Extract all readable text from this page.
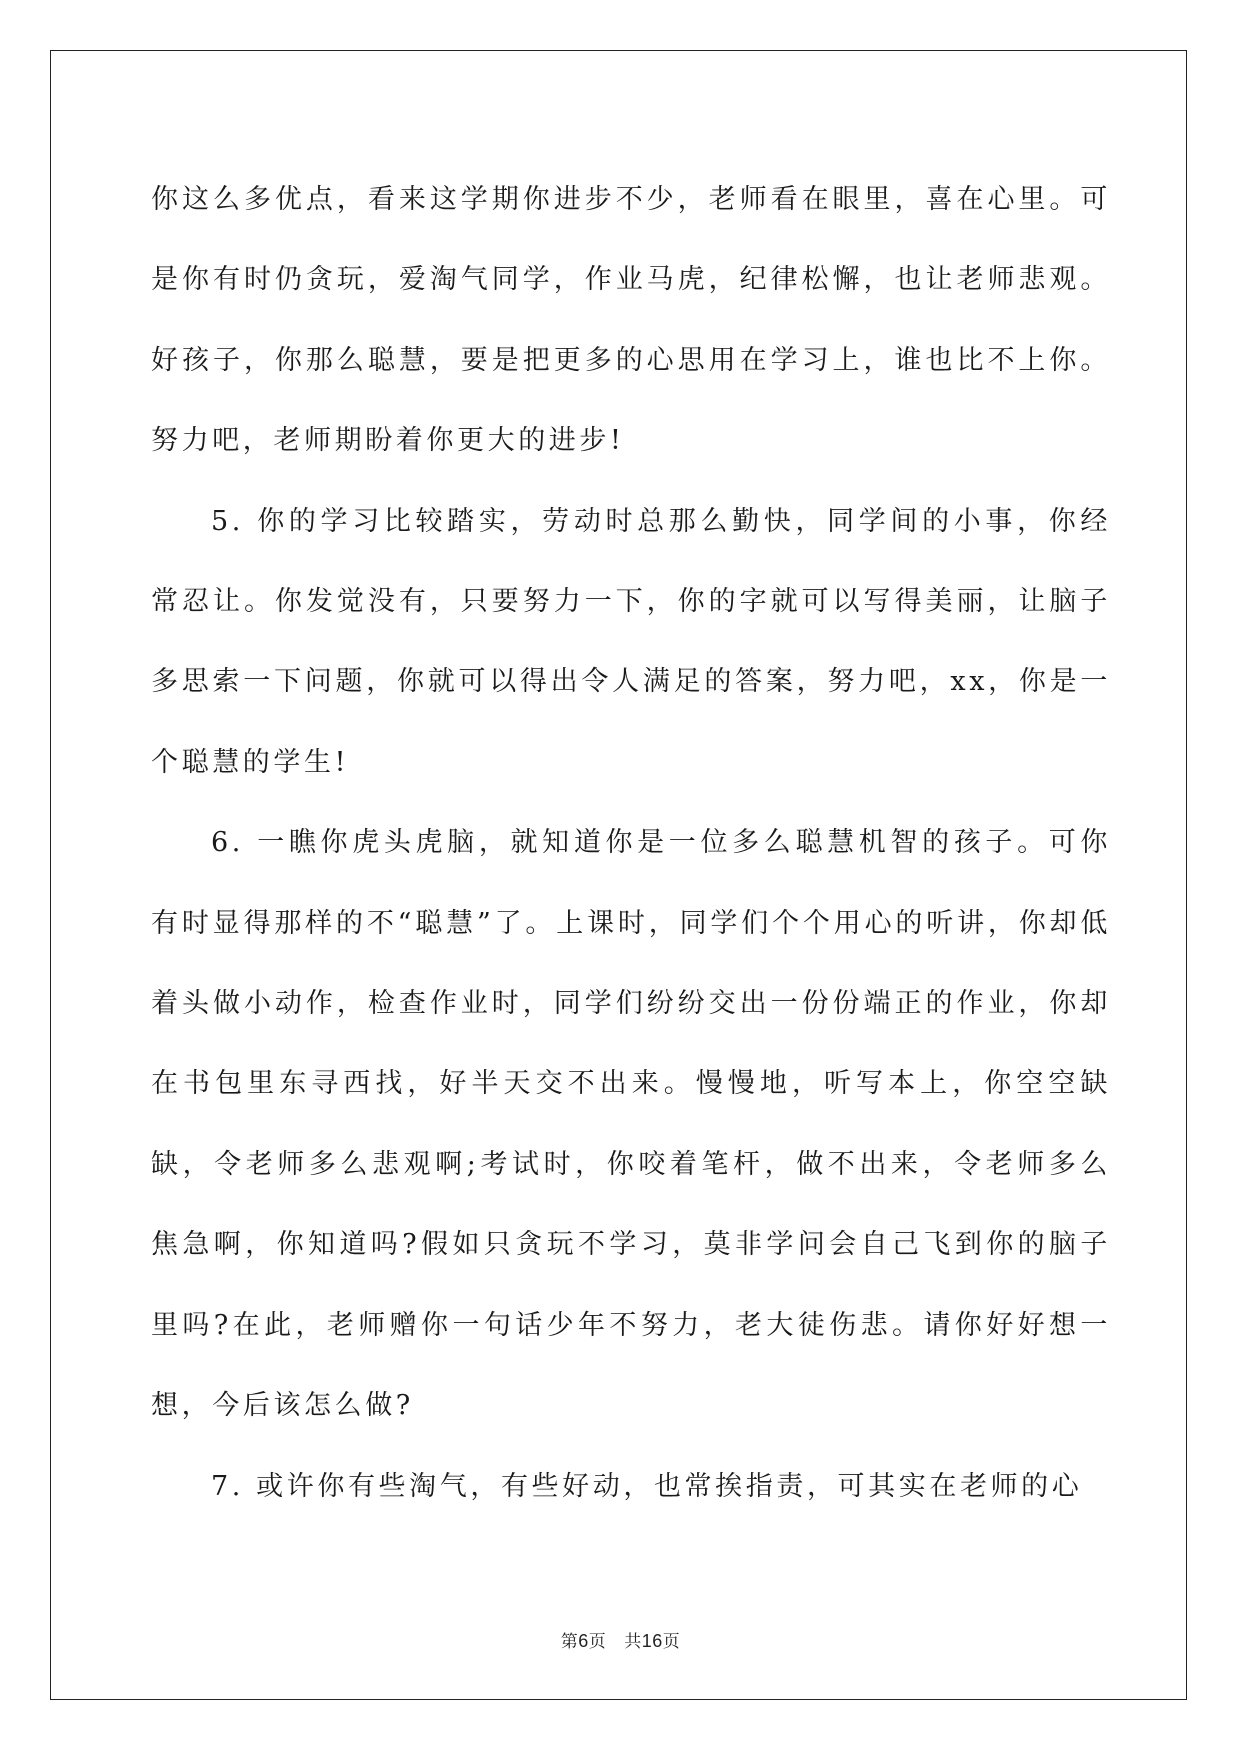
你这么多优点，看来这学期你进步不少，老师看在眼里，喜在心里。可是你有时仍贪玩，爱淘气同学，作业马虎，纪律松懈，也让老师悲观。好孩子，你那么聪慧，要是把更多的心思用在学习上，谁也比不上你。努力吧，老师期盼着你更大的进步!

5. 你的学习比较踏实，劳动时总那么勤快，同学间的小事，你经常忍让。你发觉没有，只要努力一下，你的字就可以写得美丽，让脑子多思索一下问题，你就可以得出令人满足的答案，努力吧，xx，你是一个聪慧的学生!

6. 一瞧你虎头虎脑，就知道你是一位多么聪慧机智的孩子。可你有时显得那样的不“聪慧”了。上课时，同学们个个用心的听讲，你却低着头做小动作，检查作业时，同学们纷纷交出一份份端正的作业，你却在书包里东寻西找，好半天交不出来。慢慢地，听写本上，你空空缺缺，令老师多么悲观啊;考试时，你咬着笔杆，做不出来，令老师多么焦急啊，你知道吗?假如只贪玩不学习，莫非学问会自己飞到你的脑子里吗?在此，老师赠你一句话少年不努力，老大徒伤悲。请你好好想一想，今后该怎么做?

7. 或许你有些淘气，有些好动，也常挨指责，可其实在老师的心

第6页 共16页
